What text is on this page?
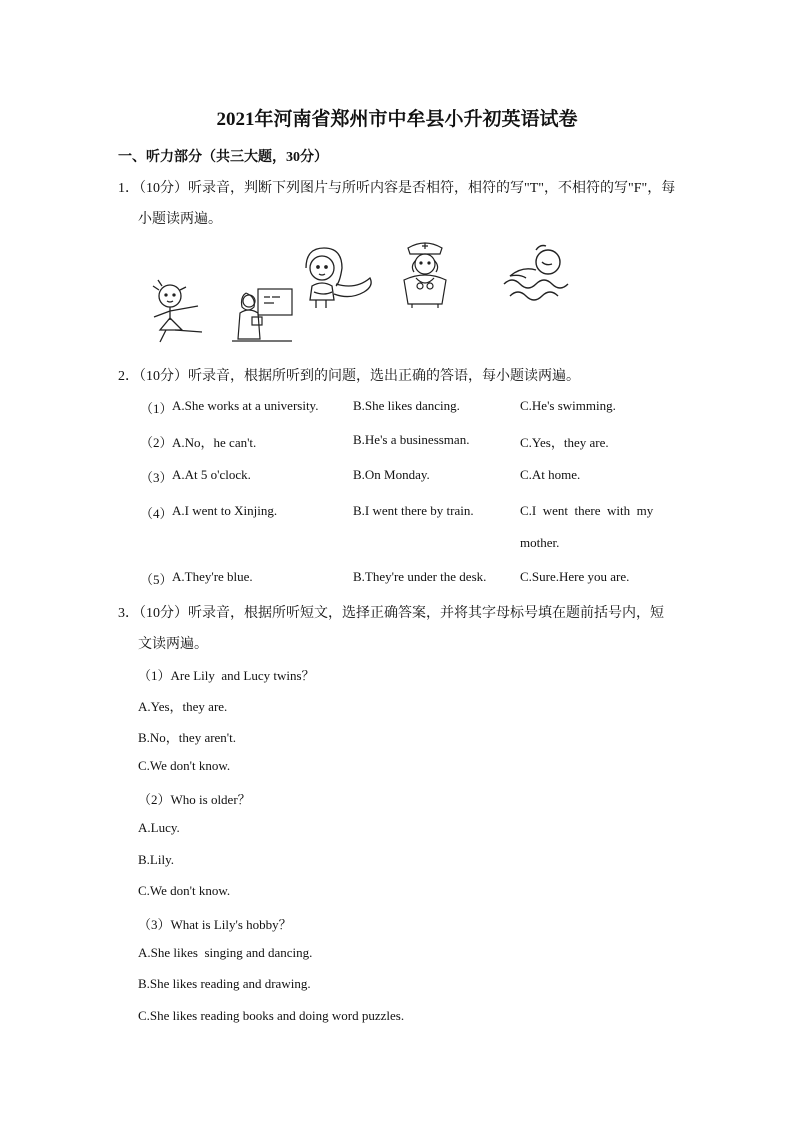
2021年河南省郑州市中牟县小升初英语试卷
一、听力部分（共三大题，30分）
1．（10分）听录音，判断下列图片与所听内容是否相符，相符的写"T"，不相符的写"F"，每
小题读两遍。
2．（10分）听录音，根据所听到的问题，选出正确的答语，每小题读两遍。
（1） A.She works at a university.	B.She likes dancing.	C.He's swimming.
（2） A.No，he can't.	B.He's a businessman.	C.Yes，they are.
（3） A.At 5 o'clock.	B.On Monday.	C.At home.
（4） A.I went to Xinjing.	B.I went there by train.	C.I  went  there  with  my
mother.
（5） A.They're blue.	B.They're under the desk.	C.Sure.Here you are.
3．（10分）听录音，根据所听短文，选择正确答案，并将其字母标号填在题前括号内，短
文读两遍。
（1）Are Lily  and Lucy twins？
A.Yes，they are.
B.No，they aren't.
C.We don't know.
（2）Who is older？
A.Lucy.
B.Lily.
C.We don't know.
（3）What is Lily's hobby？
A.She likes  singing and dancing.
B.She likes reading and drawing.
C.She likes reading books and doing word puzzles.
